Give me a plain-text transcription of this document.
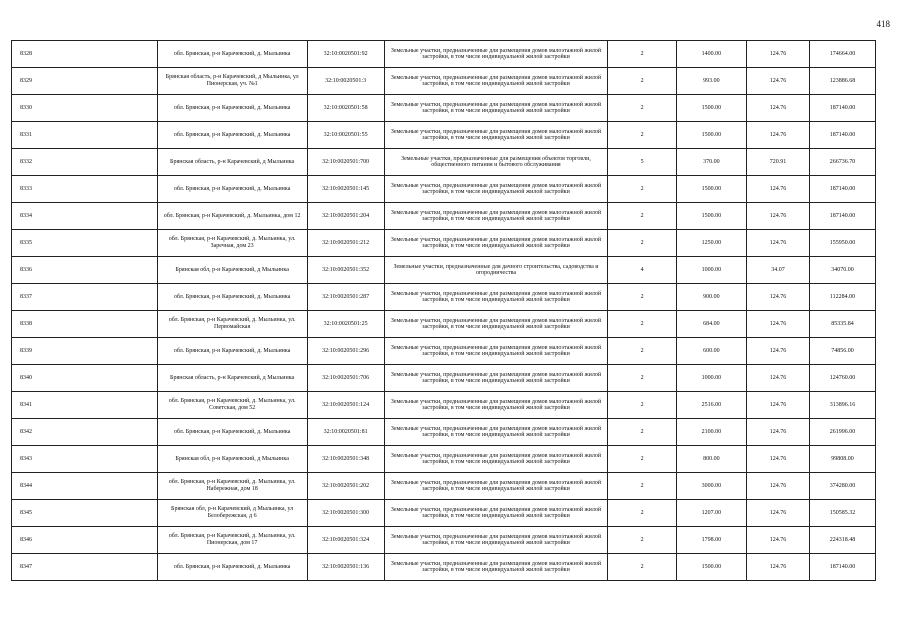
418
8328	обл. Брянская, р-н Карачевский, д. Мыльинка	32:10:0020501:92	Земельные участки, предназначенные для размещения домов малоэтажной жилой застройки, в том числе индивидуальной жилой застройки	2	1400.00	124.76	174664.00	

8329	Брянская область, р-н Карачевский, д Мыльинка, ул Пионерская, уч. №1	32:10:0020501:3	Земельные участки, предназначенные для размещения домов малоэтажной жилой застройки, в том числе индивидуальной жилой застройки	2	993.00	124.76	123886.68	

8330	обл. Брянская, р-н Карачевский, д. Мыльинка	32:10:0020501:58	Земельные участки, предназначенные для размещения домов малоэтажной жилой застройки, в том числе индивидуальной жилой застройки	2	1500.00	124.76	187140.00	

8331	обл. Брянская, р-н Карачевский, д. Мыльинка	32:10:0020501:55	Земельные участки, предназначенные для размещения домов малоэтажной жилой застройки, в том числе индивидуальной жилой застройки	2	1500.00	124.76	187140.00	

8332	Брянская область, р-н Карачевский, д Мыльинка	32:10:0020501:700	Земельные участки, предназначенные для размещения объектов торговли, общественного питания и бытового обслуживания	5	370.00	720.91	266736.70	

8333	обл. Брянская, р-н Карачевский, д. Мыльинка	32:10:0020501:145	Земельные участки, предназначенные для размещения домов малоэтажной жилой застройки, в том числе индивидуальной жилой застройки	2	1500.00	124.76	187140.00	

8334	обл. Брянская, р-н Карачевский, д. Мыльинка, дом 12	32:10:0020501:204	Земельные участки, предназначенные для размещения домов малоэтажной жилой застройки, в том числе индивидуальной жилой застройки	2	1500.00	124.76	187140.00	

8335	обл. Брянская, р-н Карачевский, д. Мыльинка, ул. Заречная, дом 23	32:10:0020501:212	Земельные участки, предназначенные для размещения домов малоэтажной жилой застройки, в том числе индивидуальной жилой застройки	2	1250.00	124.76	155950.00	

8336	Брянская обл, р-н Карачевский, д Мыльинка	32:10:0020501:352	Земельные участки, предназначенные для дачного строительства, садоводства и огородничества	4	1000.00	34.07	34070.00	

8337	обл. Брянская, р-н Карачевский, д. Мыльинка	32:10:0020501:287	Земельные участки, предназначенные для размещения домов малоэтажной жилой застройки, в том числе индивидуальной жилой застройки	2	900.00	124.76	112284.00	

8338	обл. Брянская, р-н Карачевский, д. Мыльинка, ул. Первомайская	32:10:0020501:25	Земельные участки, предназначенные для размещения домов малоэтажной жилой застройки, в том числе индивидуальной жилой застройки	2	684.00	124.76	85335.84	

8339	обл. Брянская, р-н Карачевский, д. Мыльинка	32:10:0020501:296	Земельные участки, предназначенные для размещения домов малоэтажной жилой застройки, в том числе индивидуальной жилой застройки	2	600.00	124.76	74856.00	

8340	Брянская область, р-н Карачевский, д Мыльинка	32:10:0020501:706	Земельные участки, предназначенные для размещения домов малоэтажной жилой застройки, в том числе индивидуальной жилой застройки	2	1000.00	124.76	124760.00	

8341	обл. Брянская, р-н Карачевский, д. Мыльинка, ул. Советская, дом 52	32:10:0020501:124	Земельные участки, предназначенные для размещения домов малоэтажной жилой застройки, в том числе индивидуальной жилой застройки	2	2516.00	124.76	313896.16	

8342	обл. Брянская, р-н Карачевский, д. Мыльинка	32:10:0020501:81	Земельные участки, предназначенные для размещения домов малоэтажной жилой застройки, в том числе индивидуальной жилой застройки	2	2100.00	124.76	261996.00	

8343	Брянская обл, р-н Карачевский, д Мыльинка	32:10:0020501:348	Земельные участки, предназначенные для размещения домов малоэтажной жилой застройки, в том числе индивидуальной жилой застройки	2	800.00	124.76	99808.00	

8344	обл. Брянская, р-н Карачевский, д. Мыльинка, ул. Набережная, дом 18	32:10:0020501:202	Земельные участки, предназначенные для размещения домов малоэтажной жилой застройки, в том числе индивидуальной жилой застройки	2	3000.00	124.76	374280.00	

8345	Брянская обл, р-н Карачевский, д Мыльинка, ул Белобережская, д 6	32:10:0020501:300	Земельные участки, предназначенные для размещения домов малоэтажной жилой застройки, в том числе индивидуальной жилой застройки	2	1207.00	124.76	150585.32	

8346	обл. Брянская, р-н Карачевский, д. Мыльинка, ул. Пионерская, дом 17	32:10:0020501:324	Земельные участки, предназначенные для размещения домов малоэтажной жилой застройки, в том числе индивидуальной жилой застройки	2	1798.00	124.76	224318.48	

8347	обл. Брянская, р-н Карачевский, д. Мыльинка	32:10:0020501:136	Земельные участки, предназначенные для размещения домов малоэтажной жилой застройки, в том числе индивидуальной жилой застройки	2	1500.00	124.76	187140.00	
